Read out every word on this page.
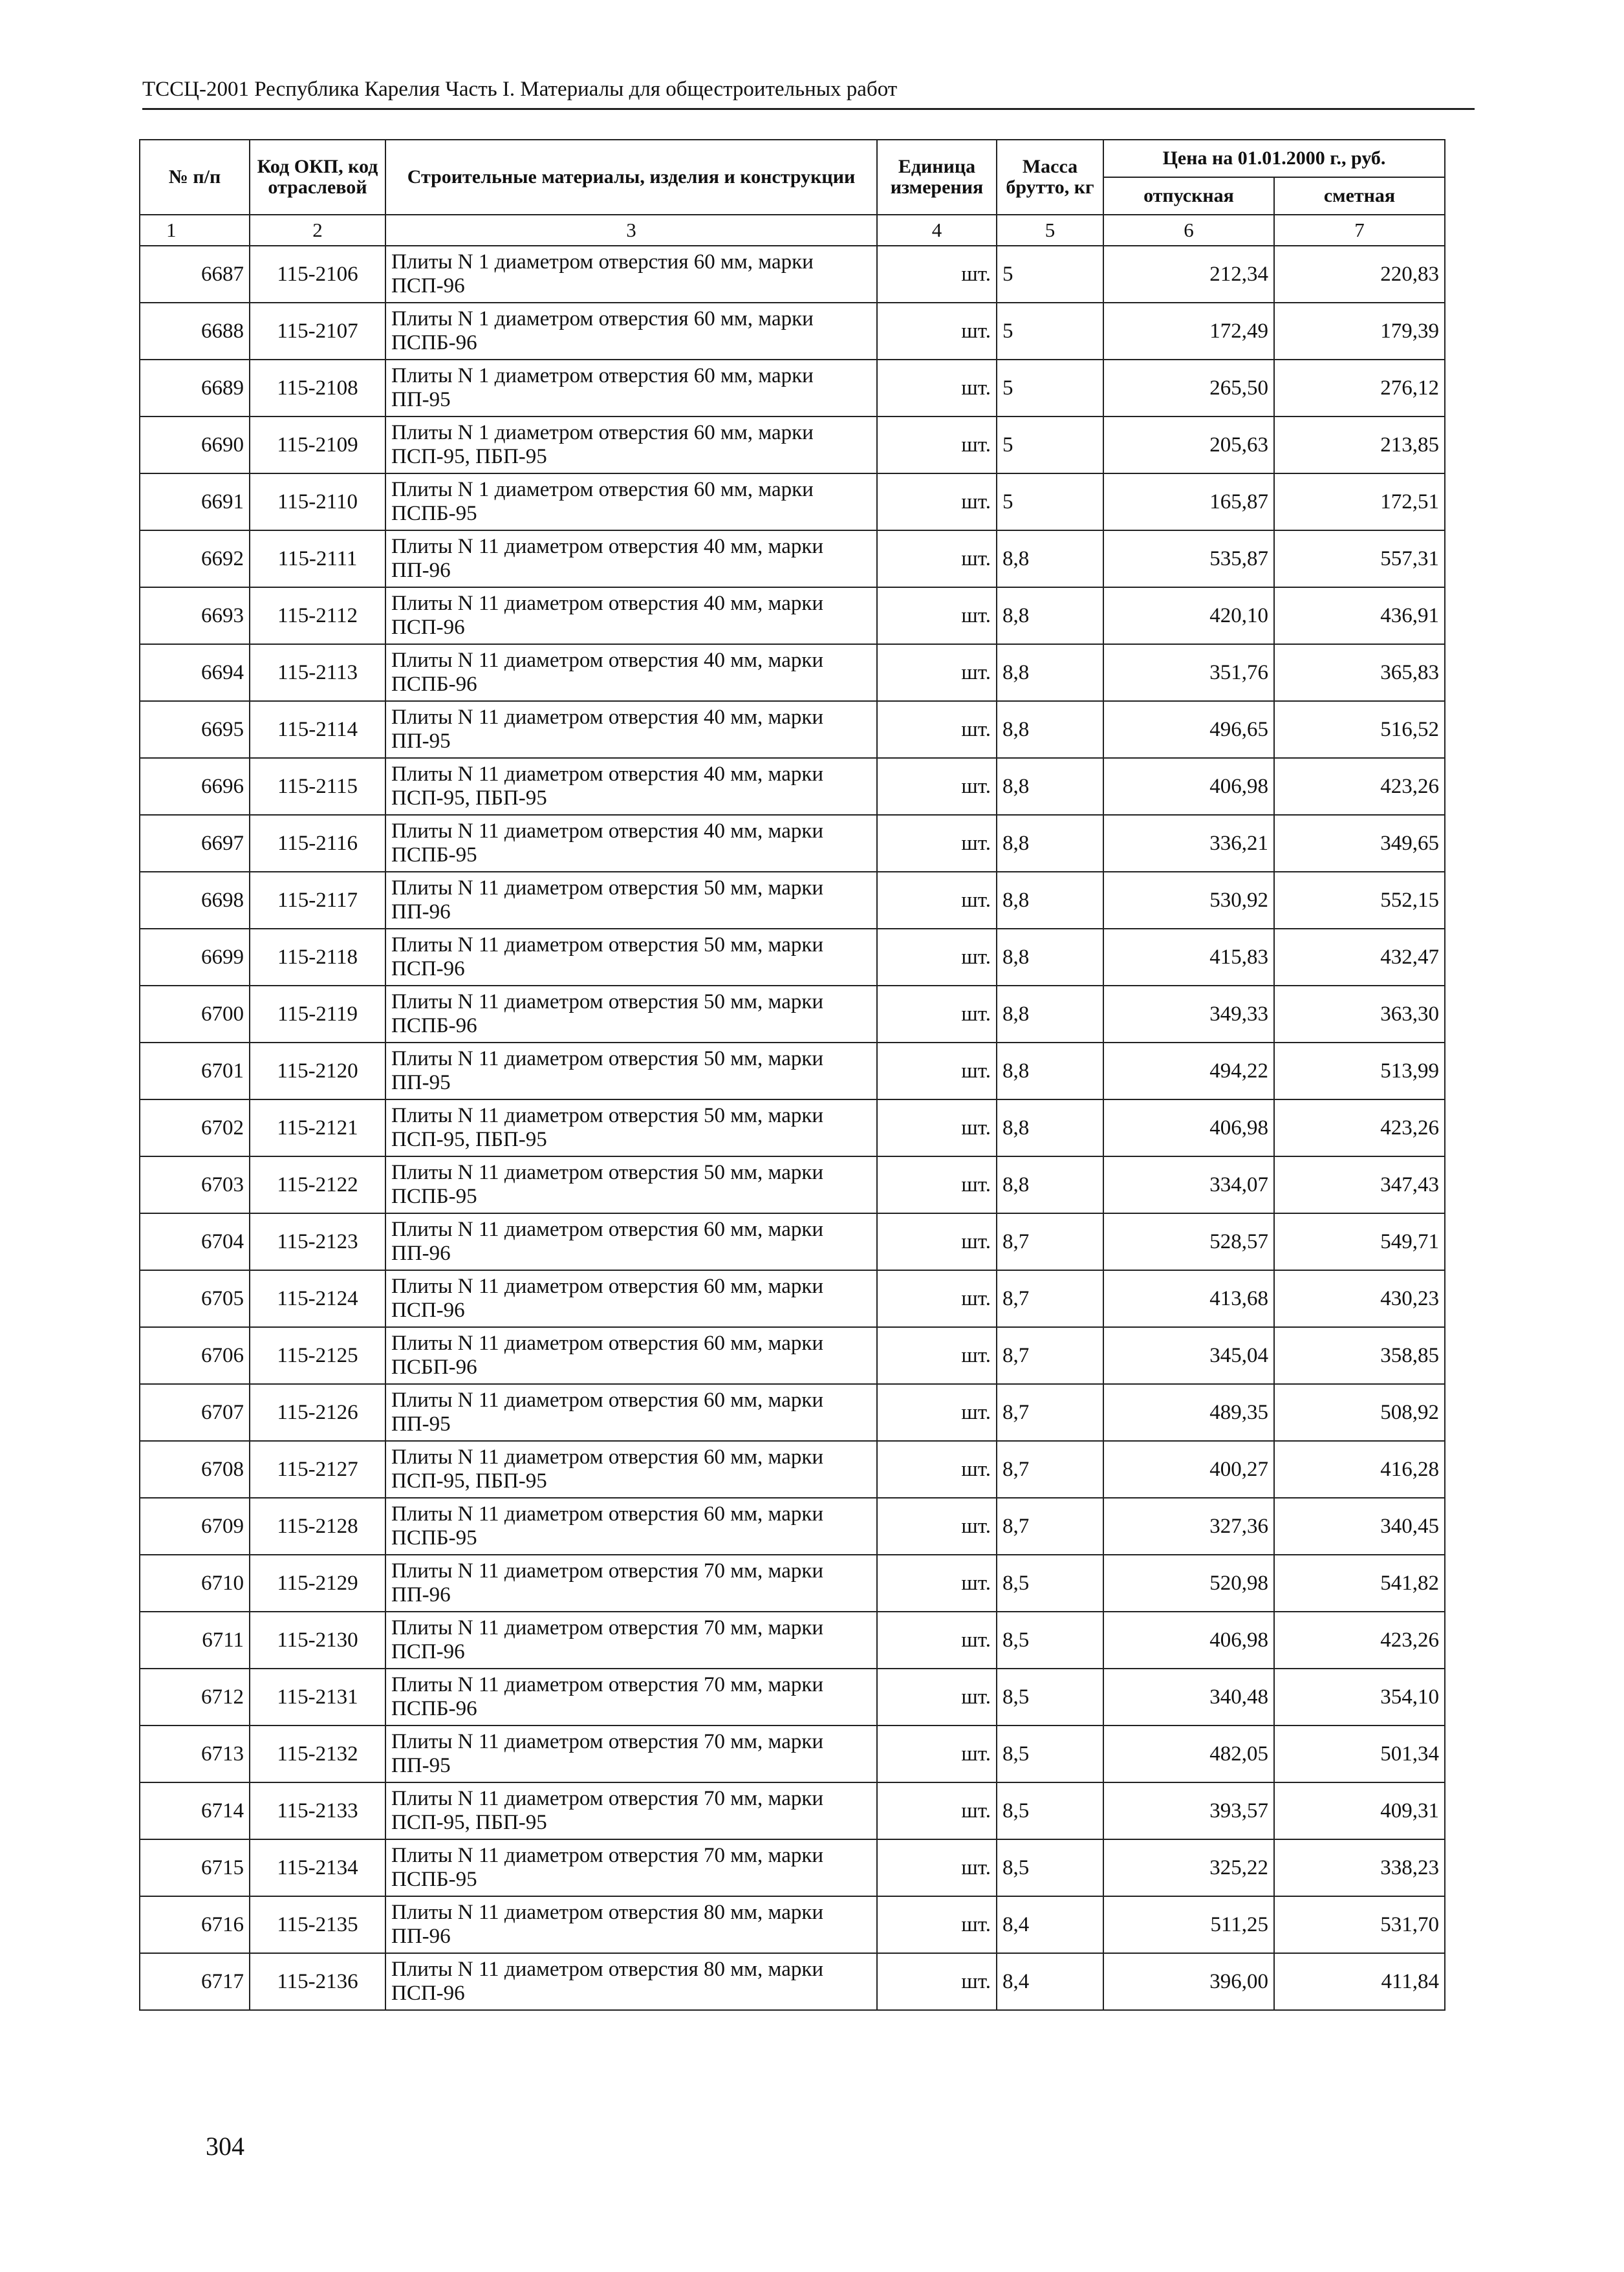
ТССЦ-2001 Республика Карелия Часть I. Материалы для общестроительных работ
№ п/п	Код ОКП, код отраслевой	Строительные материалы, изделия и конструкции	Единица измерения	Масса брутто, кг	Цена на 01.01.2000 г., руб.	
					отпускная	сметная
1	2	3	4	5	6	7
6687	115-2106	Плиты N 1 диаметром отверстия 60 мм, марки ПСП-96	шт.	5	212,34	220,83
6688	115-2107	Плиты N 1 диаметром отверстия 60 мм, марки ПСПБ-96	шт.	5	172,49	179,39
6689	115-2108	Плиты N 1 диаметром отверстия 60 мм, марки ПП-95	шт.	5	265,50	276,12
6690	115-2109	Плиты N 1 диаметром отверстия 60 мм, марки ПСП-95, ПБП-95	шт.	5	205,63	213,85
6691	115-2110	Плиты N 1 диаметром отверстия 60 мм, марки ПСПБ-95	шт.	5	165,87	172,51
6692	115-2111	Плиты N 11 диаметром отверстия 40 мм, марки ПП-96	шт.	8,8	535,87	557,31
6693	115-2112	Плиты N 11 диаметром отверстия 40 мм, марки ПСП-96	шт.	8,8	420,10	436,91
6694	115-2113	Плиты N 11 диаметром отверстия 40 мм, марки ПСПБ-96	шт.	8,8	351,76	365,83
6695	115-2114	Плиты N 11 диаметром отверстия 40 мм, марки ПП-95	шт.	8,8	496,65	516,52
6696	115-2115	Плиты N 11 диаметром отверстия 40 мм, марки ПСП-95, ПБП-95	шт.	8,8	406,98	423,26
6697	115-2116	Плиты N 11 диаметром отверстия 40 мм, марки ПСПБ-95	шт.	8,8	336,21	349,65
6698	115-2117	Плиты N 11 диаметром отверстия 50 мм, марки ПП-96	шт.	8,8	530,92	552,15
6699	115-2118	Плиты N 11 диаметром отверстия 50 мм, марки ПСП-96	шт.	8,8	415,83	432,47
6700	115-2119	Плиты N 11 диаметром отверстия 50 мм, марки ПСПБ-96	шт.	8,8	349,33	363,30
6701	115-2120	Плиты N 11 диаметром отверстия 50 мм, марки ПП-95	шт.	8,8	494,22	513,99
6702	115-2121	Плиты N 11 диаметром отверстия 50 мм, марки ПСП-95, ПБП-95	шт.	8,8	406,98	423,26
6703	115-2122	Плиты N 11 диаметром отверстия 50 мм, марки ПСПБ-95	шт.	8,8	334,07	347,43
6704	115-2123	Плиты N 11 диаметром отверстия 60 мм, марки ПП-96	шт.	8,7	528,57	549,71
6705	115-2124	Плиты N 11 диаметром отверстия 60 мм, марки ПСП-96	шт.	8,7	413,68	430,23
6706	115-2125	Плиты N 11 диаметром отверстия 60 мм, марки ПСБП-96	шт.	8,7	345,04	358,85
6707	115-2126	Плиты N 11 диаметром отверстия 60 мм, марки ПП-95	шт.	8,7	489,35	508,92
6708	115-2127	Плиты N 11 диаметром отверстия 60 мм, марки ПСП-95, ПБП-95	шт.	8,7	400,27	416,28
6709	115-2128	Плиты N 11 диаметром отверстия 60 мм, марки ПСПБ-95	шт.	8,7	327,36	340,45
6710	115-2129	Плиты N 11 диаметром отверстия 70 мм, марки ПП-96	шт.	8,5	520,98	541,82
6711	115-2130	Плиты N 11 диаметром отверстия 70 мм, марки ПСП-96	шт.	8,5	406,98	423,26
6712	115-2131	Плиты N 11 диаметром отверстия 70 мм, марки ПСПБ-96	шт.	8,5	340,48	354,10
6713	115-2132	Плиты N 11 диаметром отверстия 70 мм, марки ПП-95	шт.	8,5	482,05	501,34
6714	115-2133	Плиты N 11 диаметром отверстия 70 мм, марки ПСП-95, ПБП-95	шт.	8,5	393,57	409,31
6715	115-2134	Плиты N 11 диаметром отверстия 70 мм, марки ПСПБ-95	шт.	8,5	325,22	338,23
6716	115-2135	Плиты N 11 диаметром отверстия 80 мм, марки ПП-96	шт.	8,4	511,25	531,70
6717	115-2136	Плиты N 11 диаметром отверстия 80 мм, марки ПСП-96	шт.	8,4	396,00	411,84
304
